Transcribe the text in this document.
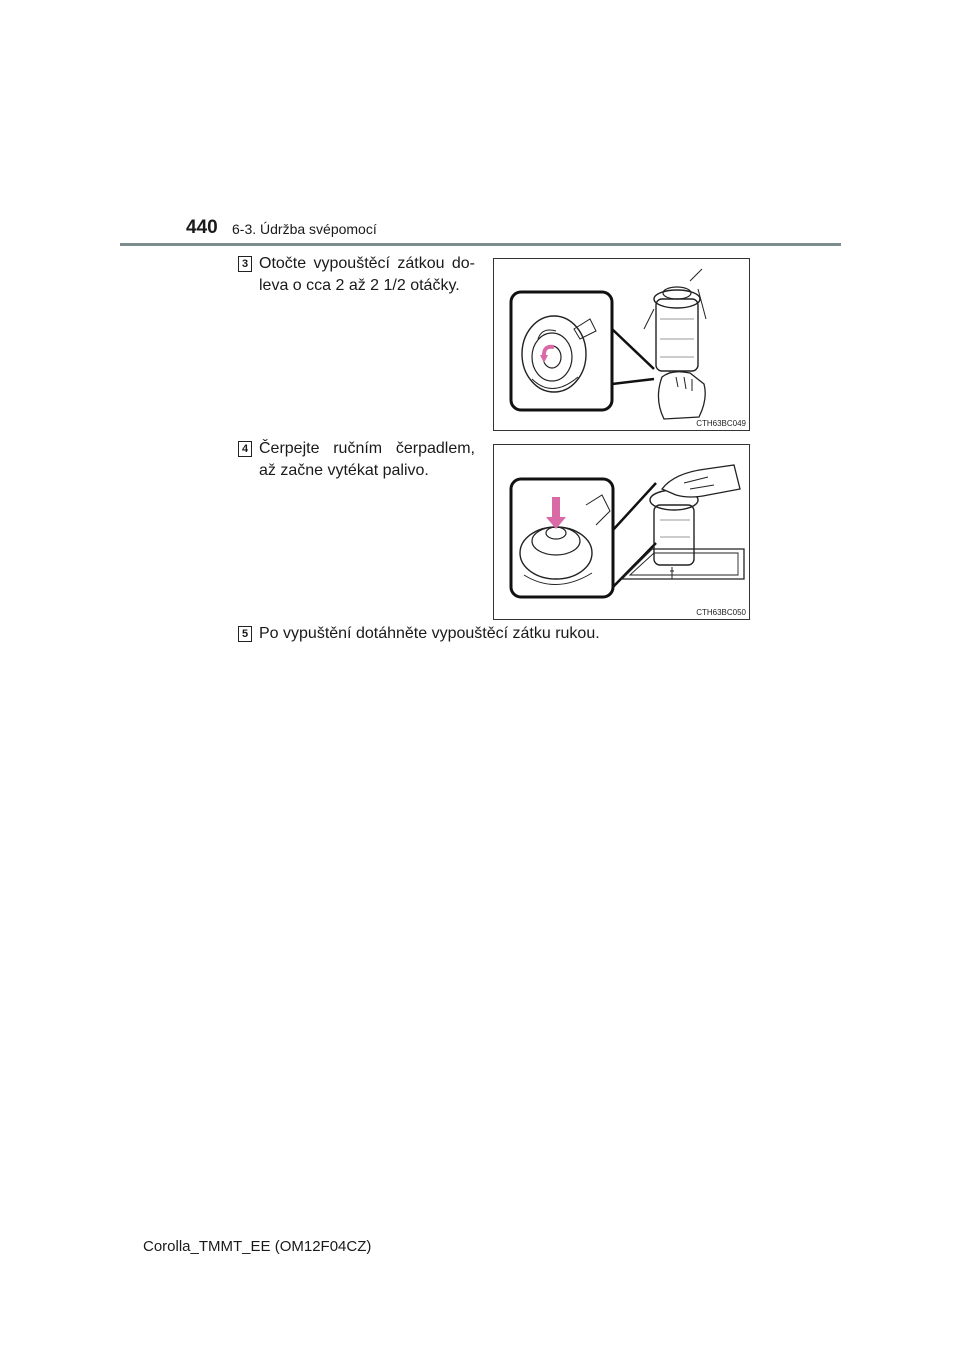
440 6-3. Údržba svépomocí
3 Otočte vypouštěcí zátkou do-leva o cca 2 až 2 1/2 otáčky.
CTH63BC049
4 Čerpejte ručním čerpadlem, až začne vytékat palivo.
CTH63BC050
5 Po vypuštění dotáhněte vypouštěcí zátku rukou.
Corolla_TMMT_EE (OM12F04CZ)
